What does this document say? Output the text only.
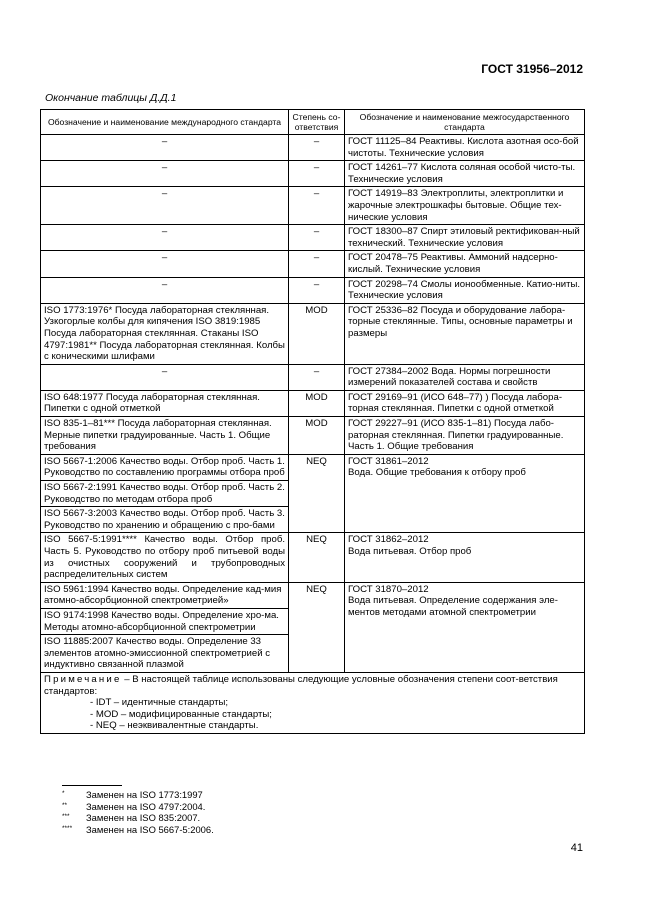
ГОСТ 31956–2012
Окончание таблицы Д.Д.1
Обозначение и наименование международного стандарта	Степень со-ответствия	Обозначение и наименование межгосударственного стандарта
–	–	ГОСТ 11125–84 Реактивы. Кислота азотная осо-бой чистоты. Технические условия
–	–	ГОСТ 14261–77 Кислота соляная особой чисто-ты. Технические условия
–	–	ГОСТ 14919–83 Электроплиты, электроплитки и жарочные электрошкафы бытовые. Общие тех-нические условия
–	–	ГОСТ 18300–87 Спирт этиловый ректификован-ный технический. Технические условия
–	–	ГОСТ 20478–75 Реактивы. Аммоний надсерно-кислый. Технические условия
–	–	ГОСТ 20298–74 Смолы ионообменные. Катио-ниты. Технические условия
ISO 1773:1976* Посуда лабораторная стеклянная. Узкогорлые колбы для кипячения ISO 3819:1985 Посуда лабораторная стеклянная. Стаканы ISO 4797:1981** Посуда лабораторная стеклянная. Колбы с коническими шлифами	MOD	ГОСТ 25336–82 Посуда и оборудование лабора-торные стеклянные. Типы, основные параметры и размеры
–	–	ГОСТ 27384–2002 Вода. Нормы погрешности измерений показателей состава и свойств
ISO 648:1977 Посуда лабораторная стеклянная. Пипетки с одной отметкой	MOD	ГОСТ 29169–91 (ИСО 648–77) ) Посуда лабора-торная стеклянная. Пипетки с одной отметкой
ISO 835-1–81*** Посуда лабораторная стеклянная. Мерные пипетки градуированные. Часть 1. Общие требования	MOD	ГОСТ 29227–91 (ИСО 835-1–81) Посуда лабо-раторная стеклянная. Пипетки градуированные. Часть 1. Общие требования
ISO 5667-1:2006 Качество воды. Отбор проб. Часть 1. Руководство по составлению программы отбора проб	NEQ	ГОСТ 31861–2012
Вода. Общие требования к отбору проб

ISO 5667-2:1991 Качество воды. Отбор проб. Часть 2. Руководство по методам отбора проб		
ISO 5667-3:2003 Качество воды. Отбор проб. Часть 3. Руководство по хранению и обращению с про-бами		
ISO 5667-5:1991**** Качество воды. Отбор проб. Часть 5. Руководство по отбору проб питьевой воды из очистных сооружений и трубопроводных распределительных систем	NEQ	ГОСТ 31862–2012
Вода питьевая. Отбор проб

ISO 5961:1994 Качество воды. Определение кад-мия атомно-абсорбционной спектрометрией»	NEQ	ГОСТ 31870–2012
Вода питьевая. Определение содержания эле-ментов методами атомной спектрометрии

ISO 9174:1998 Качество воды. Определение хро-ма. Методы атомно-абсорбционной спектрометрии		
ISO 11885:2007 Качество воды. Определение 33 элементов атомно-эмиссионной спектрометрией с индуктивно связанной плазмой		
Примечание – В настоящей таблице использованы следующие условные обозначения степени соот-ветствия стандартов:
- IDT – идентичные стандарты;
- MOD – модифицированные стандарты;
- NEQ – неэквивалентные стандарты.		
* Заменен на ISO 1773:1997
** Заменен на ISO 4797:2004.
*** Заменен на ISO 835:2007.
**** Заменен на ISO 5667-5:2006.
41
